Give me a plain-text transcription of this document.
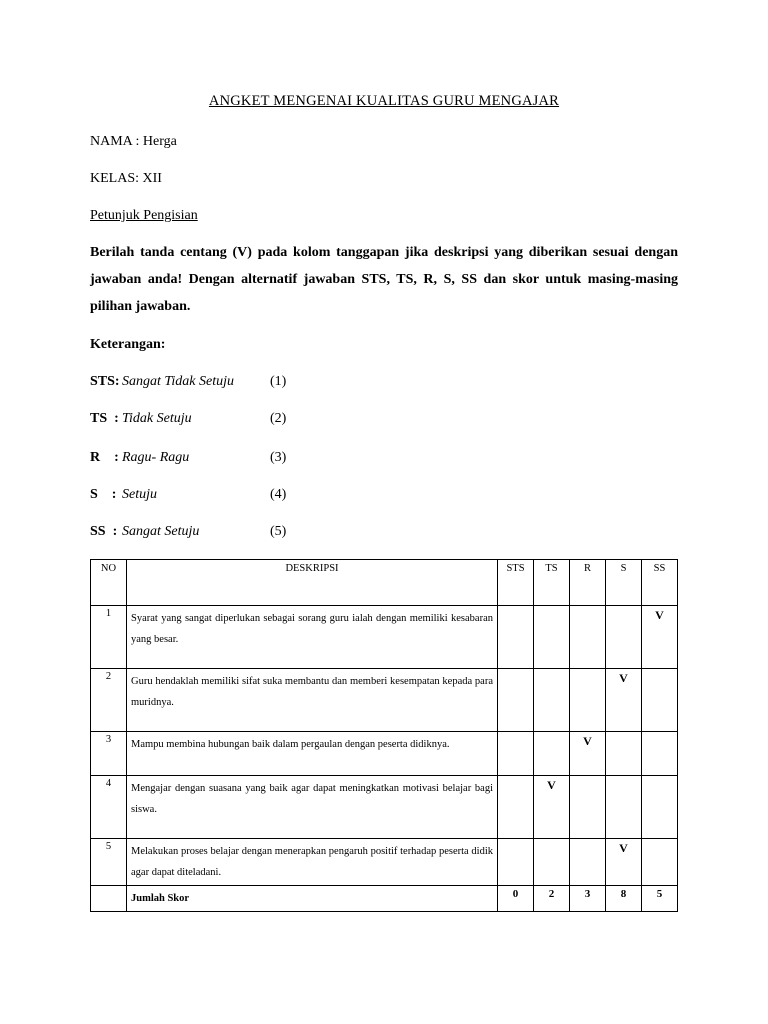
ANGKET MENGENAI KUALITAS GURU MENGAJAR
NAMA : Herga
KELAS: XII
Petunjuk Pengisian
Berilah tanda centang (V) pada kolom tanggapan jika deskripsi yang diberikan sesuai dengan
jawaban anda! Dengan alternatif jawaban STS, TS, R, S, SS dan skor untuk masing-masing
pilihan jawaban.
Keterangan:
STS: Sangat Tidak Setuju	(1)
TS  : Tidak Setuju	(2)
R    : Ragu- Ragu	(3)
S    : Setuju	(4)
SS  : Sangat Setuju	(5)
NO	DESKRIPSI	STS	TS	R	S	SS
1	Syarat yang sangat diperlukan sebagai sorang guru ialah dengan memiliki kesabaran yang besar.					V
2	Guru hendaklah memiliki sifat suka membantu dan memberi kesempatan kepada para muridnya.				V	
3	Mampu membina hubungan baik dalam pergaulan dengan peserta didiknya.			V		
4	Mengajar dengan suasana yang baik agar dapat meningkatkan motivasi belajar bagi siswa.		V			
5	Melakukan proses belajar dengan menerapkan pengaruh positif terhadap peserta didik agar dapat diteladani.				V	
	Jumlah Skor	0	2	3	8	5
